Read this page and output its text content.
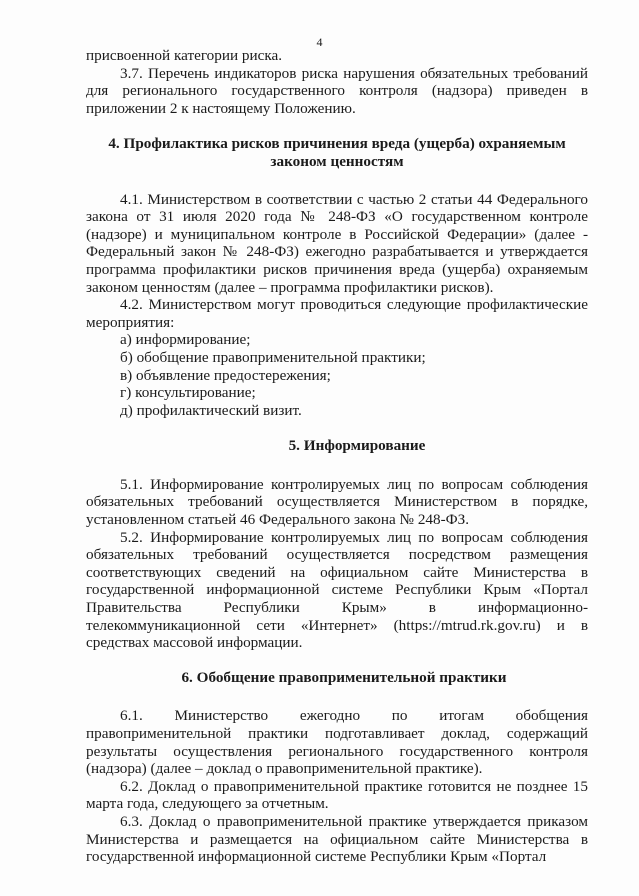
4

присвоенной категории риска.

3.7. Перечень индикаторов риска нарушения обязательных требований для регионального государственного контроля (надзора) приведен в приложении 2 к настоящему Положению.

4. Профилактика рисков причинения вреда (ущерба) охраняемым законом ценностям

4.1. Министерством в соответствии с частью 2 статьи 44 Федерального закона от 31 июля 2020 года № 248-ФЗ «О государственном контроле (надзоре) и муниципальном контроле в Российской Федерации» (далее - Федеральный закон № 248-ФЗ) ежегодно разрабатывается и утверждается программа профилактики рисков причинения вреда (ущерба) охраняемым законом ценностям (далее – программа профилактики рисков).

4.2. Министерством могут проводиться следующие профилактические мероприятия:

а) информирование;

б) обобщение правоприменительной практики;

в) объявление предостережения;

г) консультирование;

д) профилактический визит.

5. Информирование

5.1. Информирование контролируемых лиц по вопросам соблюдения обязательных требований осуществляется Министерством в порядке, установленном статьей 46 Федерального закона № 248-ФЗ.

5.2. Информирование контролируемых лиц по вопросам соблюдения обязательных требований осуществляется посредством размещения соответствующих сведений на официальном сайте Министерства в государственной информационной системе Республики Крым «Портал Правительства Республики Крым» в информационно-телекоммуникационной сети «Интернет» (https://mtrud.rk.gov.ru) и в средствах массовой информации.

6. Обобщение правоприменительной практики

6.1. Министерство ежегодно по итогам обобщения правоприменительной практики подготавливает доклад, содержащий результаты осуществления регионального государственного контроля (надзора) (далее – доклад о правоприменительной практике).

6.2. Доклад о правоприменительной практике готовится не позднее 15 марта года, следующего за отчетным.

6.3. Доклад о правоприменительной практике утверждается приказом Министерства и размещается на официальном сайте Министерства в государственной информационной системе Республики Крым «Портал
